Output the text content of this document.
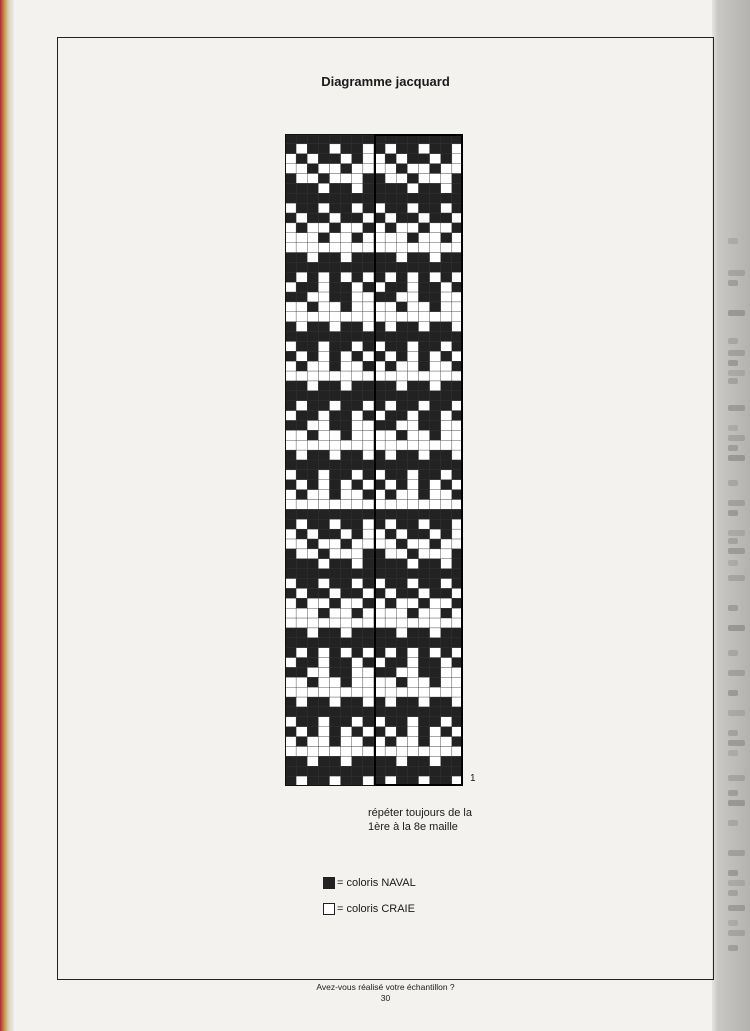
Diagramme jacquard
1
répéter toujours de la
1ère à la 8e maille
= coloris NAVAL
= coloris CRAIE
Avez-vous réalisé votre échantillon ?
30
